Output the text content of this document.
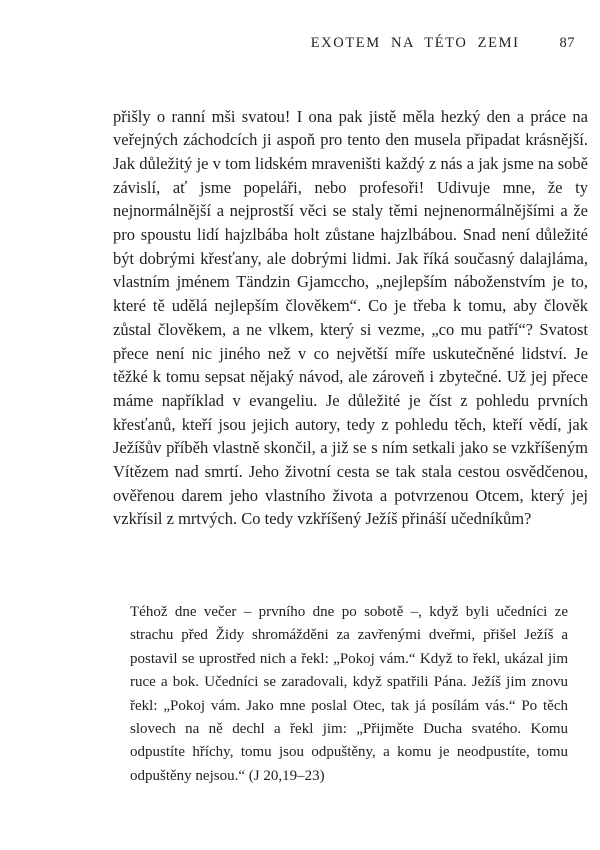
EXOTEM NA TÉTO ZEMI	87

přišly o ranní mši svatou! I ona pak jistě měla hezký den a práce na veřejných záchodcích ji aspoň pro tento den musela připadat krásnější. Jak důležitý je v tom lidském mraveništi každý z nás a jak jsme na sobě závislí, ať jsme popeláři, nebo profesoři! Udivuje mne, že ty nejnormálnější a nejprostší věci se staly těmi nejnenormálnějšími a že pro spoustu lidí hajzlbába holt zůstane hajzlbábou. Snad není důležité být dobrými křesťany, ale dobrými lidmi. Jak říká současný dalajláma, vlastním jménem Tändzin Gjamccho, „nejlepším náboženstvím je to, které tě udělá nejlepším člověkem“. Co je třeba k tomu, aby člověk zůstal člověkem, a ne vlkem, který si vezme, „co mu patří“? Svatost přece není nic jiného než v co největší míře uskutečněné lidství. Je těžké k tomu sepsat nějaký návod, ale zároveň i zbytečné. Už jej přece máme například v evangeliu. Je důležité je číst z pohledu prvních křesťanů, kteří jsou jejich autory, tedy z pohledu těch, kteří vědí, jak Ježíšův příběh vlastně skončil, a již se s ním setkali jako se vzkříšeným Vítězem nad smrtí. Jeho životní cesta se tak stala cestou osvědčenou, ověřenou darem jeho vlastního života a potvrzenou Otcem, který jej vzkřísil z mrtvých. Co tedy vzkříšený Ježíš přináší učedníkům?

Téhož dne večer – prvního dne po sobotě –, když byli učedníci ze strachu před Židy shromážděni za zavřenými dveřmi, přišel Ježíš a postavil se uprostřed nich a řekl: „Pokoj vám.“ Když to řekl, ukázal jim ruce a bok. Učedníci se zaradovali, když spatřili Pána. Ježíš jim znovu řekl: „Pokoj vám. Jako mne poslal Otec, tak já posílám vás.“ Po těch slovech na ně dechl a řekl jim: „Přijměte Ducha svatého. Komu odpustíte hříchy, tomu jsou odpuštěny, a komu je neodpustíte, tomu odpuštěny nejsou.“ (J 20,19–23)
